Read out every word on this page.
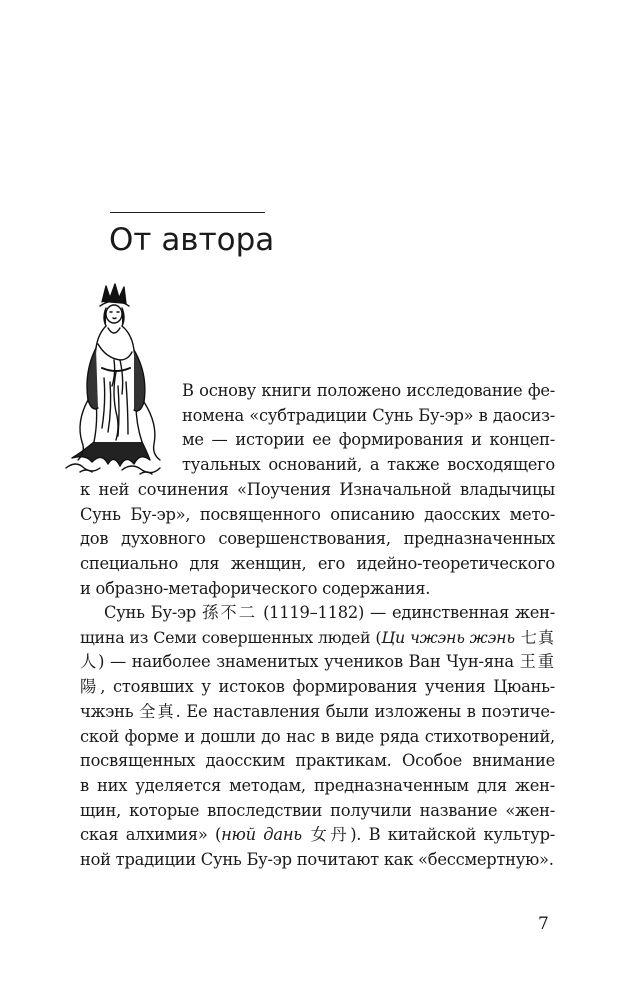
От автора
В основу книги положено исследование фе-
номена «субтрадиции Сунь Бу-эр» в даосиз-
ме — истории ее формирования и концеп-
туальных оснований, а также восходящего
к ней сочинения «Поучения Изначальной владычицы
Сунь Бу-эр», посвященного описанию даосских мето-
дов духовного совершенствования, предназначенных
специально для женщин, его идейно-теоретического
и образно-метафорического содержания.
Сунь Бу-эр 孫不二 (1119–1182) — единственная жен-
щина из Семи совершенных людей (Ци чжэнь жэнь 七真
人) — наиболее знаменитых учеников Ван Чун-яна 王重
陽, стоявших у истоков формирования учения Цюань-
чжэнь 全真. Ее наставления были изложены в поэтиче-
ской форме и дошли до нас в виде ряда стихотворений,
посвященных даосским практикам. Особое внимание
в них уделяется методам, предназначенным для жен-
щин, которые впоследствии получили название «жен-
ская алхимия» (нюй дань 女丹). В китайской культур-
ной традиции Сунь Бу-эр почитают как «бессмертную».
7
